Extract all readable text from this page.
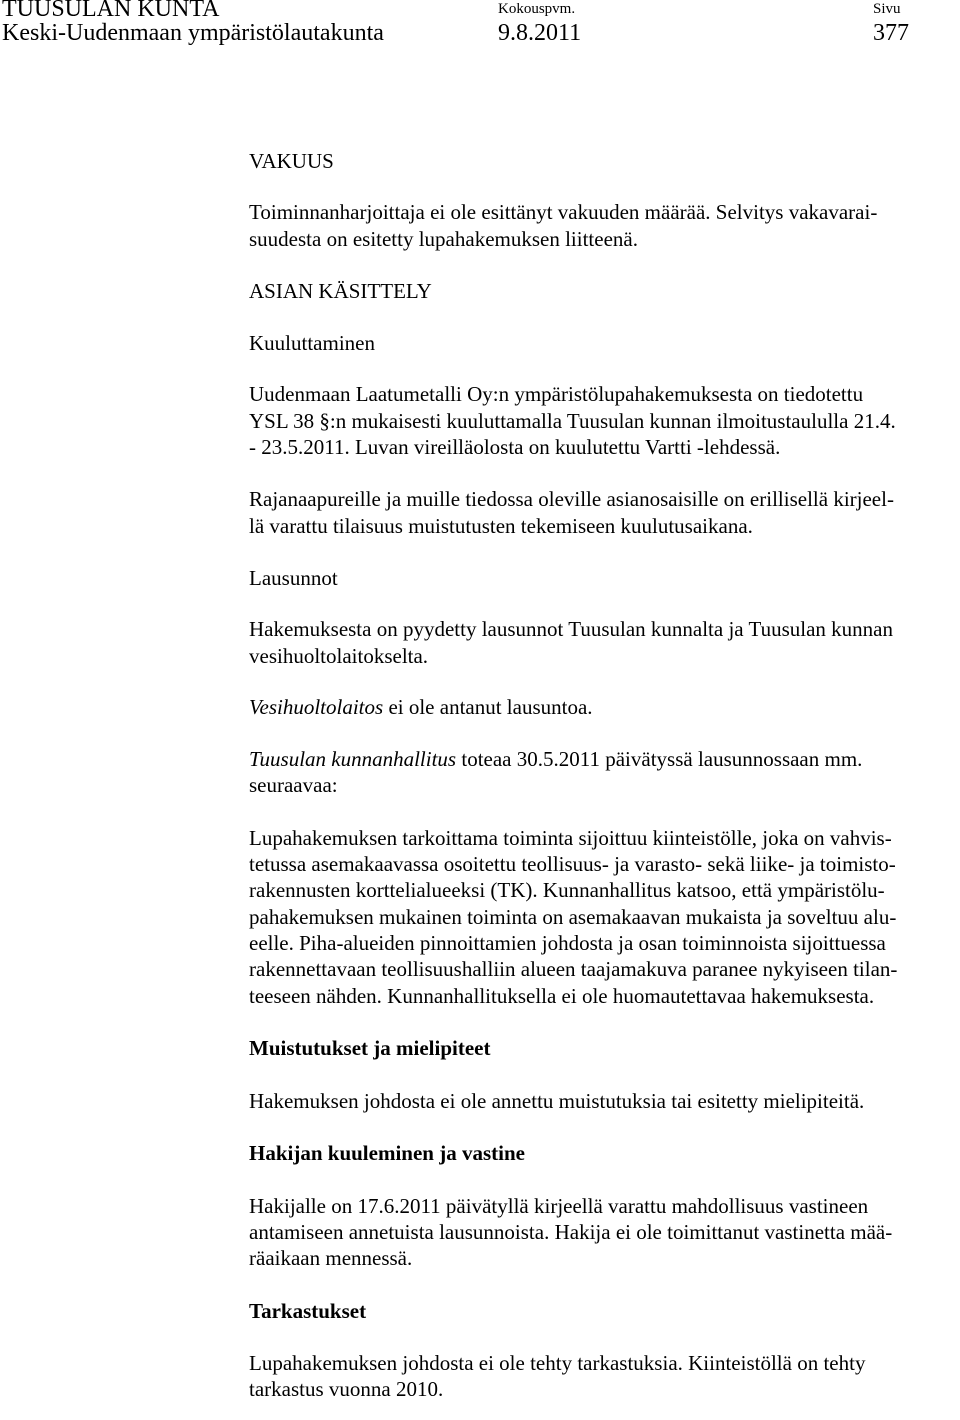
TUUSULAN KUNTA
Keski-Uudenmaan ympäristölautakunta
Kokouspvm.
9.8.2011
Sivu
377

VAKUUS

Toiminnanharjoittaja ei ole esittänyt vakuuden määrää. Selvitys vakavarai-
suudesta on esitetty lupahakemuksen liitteenä.

ASIAN KÄSITTELY

Kuuluttaminen

Uudenmaan Laatumetalli Oy:n ympäristölupahakemuksesta on tiedotettu
YSL 38 §:n mukaisesti kuuluttamalla Tuusulan kunnan ilmoitustaululla 21.4.
- 23.5.2011. Luvan vireilläolosta on kuulutettu Vartti -lehdessä.

Rajanaapureille ja muille tiedossa oleville asianosaisille on erillisellä kirjeel-
lä varattu tilaisuus muistutusten tekemiseen kuulutusaikana.

Lausunnot

Hakemuksesta on pyydetty lausunnot Tuusulan kunnalta ja Tuusulan kunnan
vesihuoltolaitokselta.

Vesihuoltolaitos ei ole antanut lausuntoa.

Tuusulan kunnanhallitus toteaa 30.5.2011 päivätyssä lausunnossaan mm.
seuraavaa:

Lupahakemuksen tarkoittama toiminta sijoittuu kiinteistölle, joka on vahvis-
tetussa asemakaavassa osoitettu teollisuus- ja varasto- sekä liike- ja toimisto-
rakennusten korttelialueeksi (TK). Kunnanhallitus katsoo, että ympäristölu-
pahakemuksen mukainen toiminta on asemakaavan mukaista ja soveltuu alu-
eelle. Piha-alueiden pinnoittamien johdosta ja osan toiminnoista sijoittuessa
rakennettavaan teollisuushalliin alueen taajamakuva paranee nykyiseen tilan-
teeseen nähden. Kunnanhallituksella ei ole huomautettavaa hakemuksesta.

Muistutukset ja mielipiteet

Hakemuksen johdosta ei ole annettu muistutuksia tai esitetty mielipiteitä.

Hakijan kuuleminen ja vastine

Hakijalle on 17.6.2011 päivätyllä kirjeellä varattu mahdollisuus vastineen
antamiseen annetuista lausunnoista. Hakija ei ole toimittanut vastinetta mää-
räaikaan mennessä.

Tarkastukset

Lupahakemuksen johdosta ei ole tehty tarkastuksia. Kiinteistöllä on tehty
tarkastus vuonna 2010.
